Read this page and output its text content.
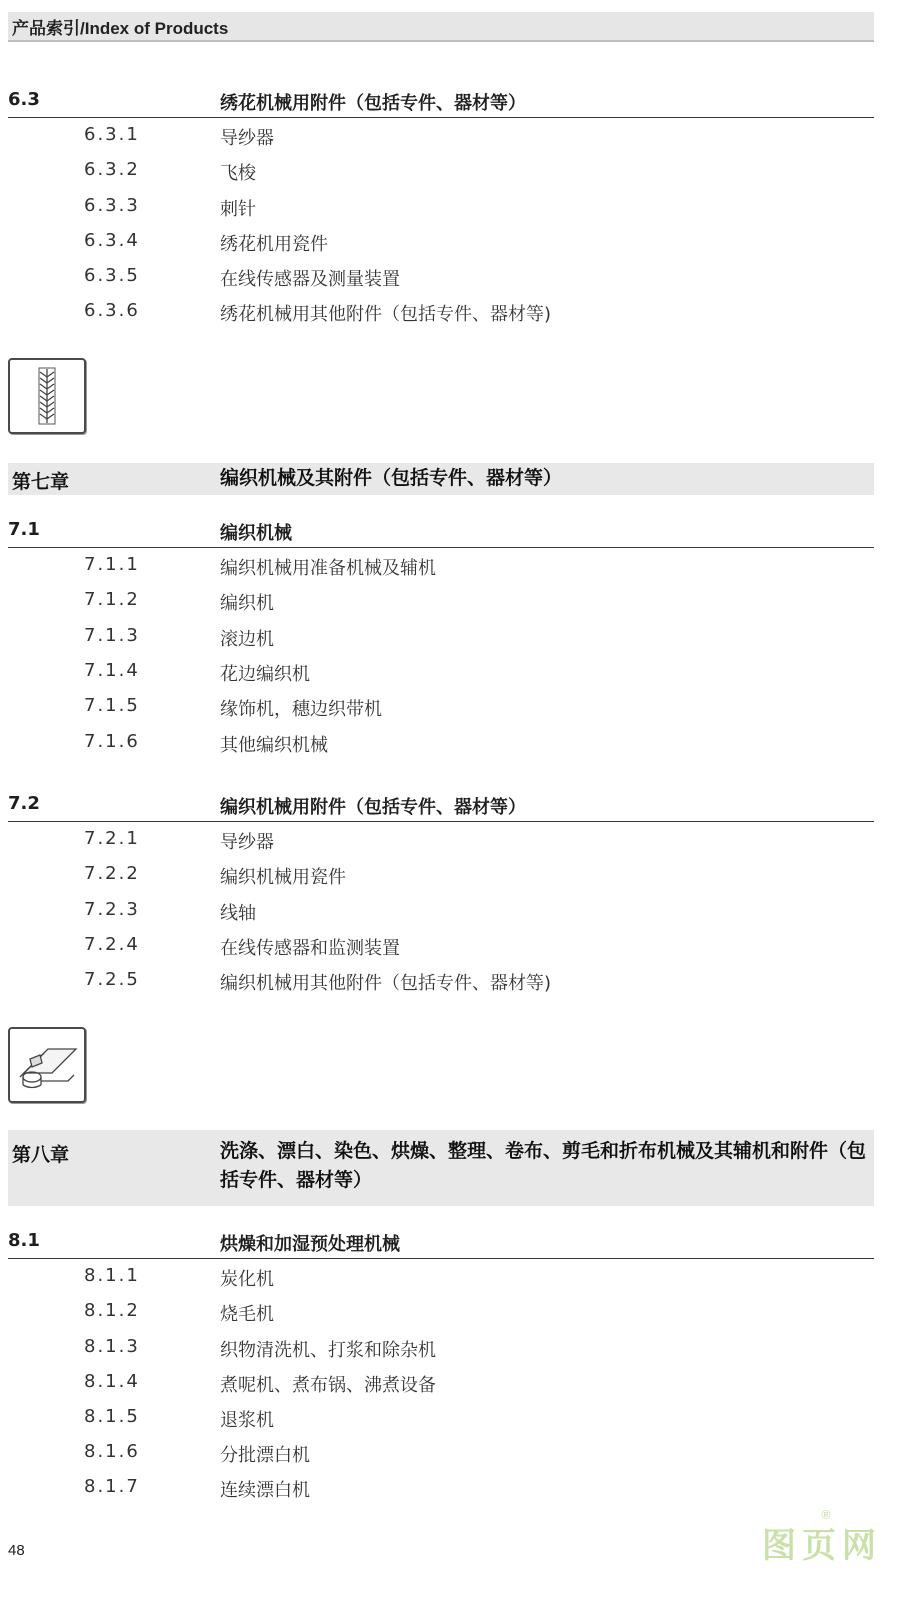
产品索引/Index of Products
6.3	绣花机械用附件（包括专件、器材等）
6.3.1	导纱器
6.3.2	飞梭
6.3.3	刺针
6.3.4	绣花机用瓷件
6.3.5	在线传感器及测量装置
6.3.6	绣花机械用其他附件（包括专件、器材等)
第七章	编织机械及其附件（包括专件、器材等）
7.1	编织机械
7.1.1	编织机械用准备机械及辅机
7.1.2	编织机
7.1.3	滚边机
7.1.4	花边编织机
7.1.5	缘饰机，穗边织带机
7.1.6	其他编织机械
7.2	编织机械用附件（包括专件、器材等）
7.2.1	导纱器
7.2.2	编织机械用瓷件
7.2.3	线轴
7.2.4	在线传感器和监测装置
7.2.5	编织机械用其他附件（包括专件、器材等)
第八章	洗涤、漂白、染色、烘燥、整理、卷布、剪毛和折布机械及其辅机和附件（包括专件、器材等）
8.1	烘燥和加湿预处理机械
8.1.1	炭化机
8.1.2	烧毛机
8.1.3	织物清洗机、打浆和除杂机
8.1.4	煮呢机、煮布锅、沸煮设备
8.1.5	退浆机
8.1.6	分批漂白机
8.1.7	连续漂白机
48	图页网
®
